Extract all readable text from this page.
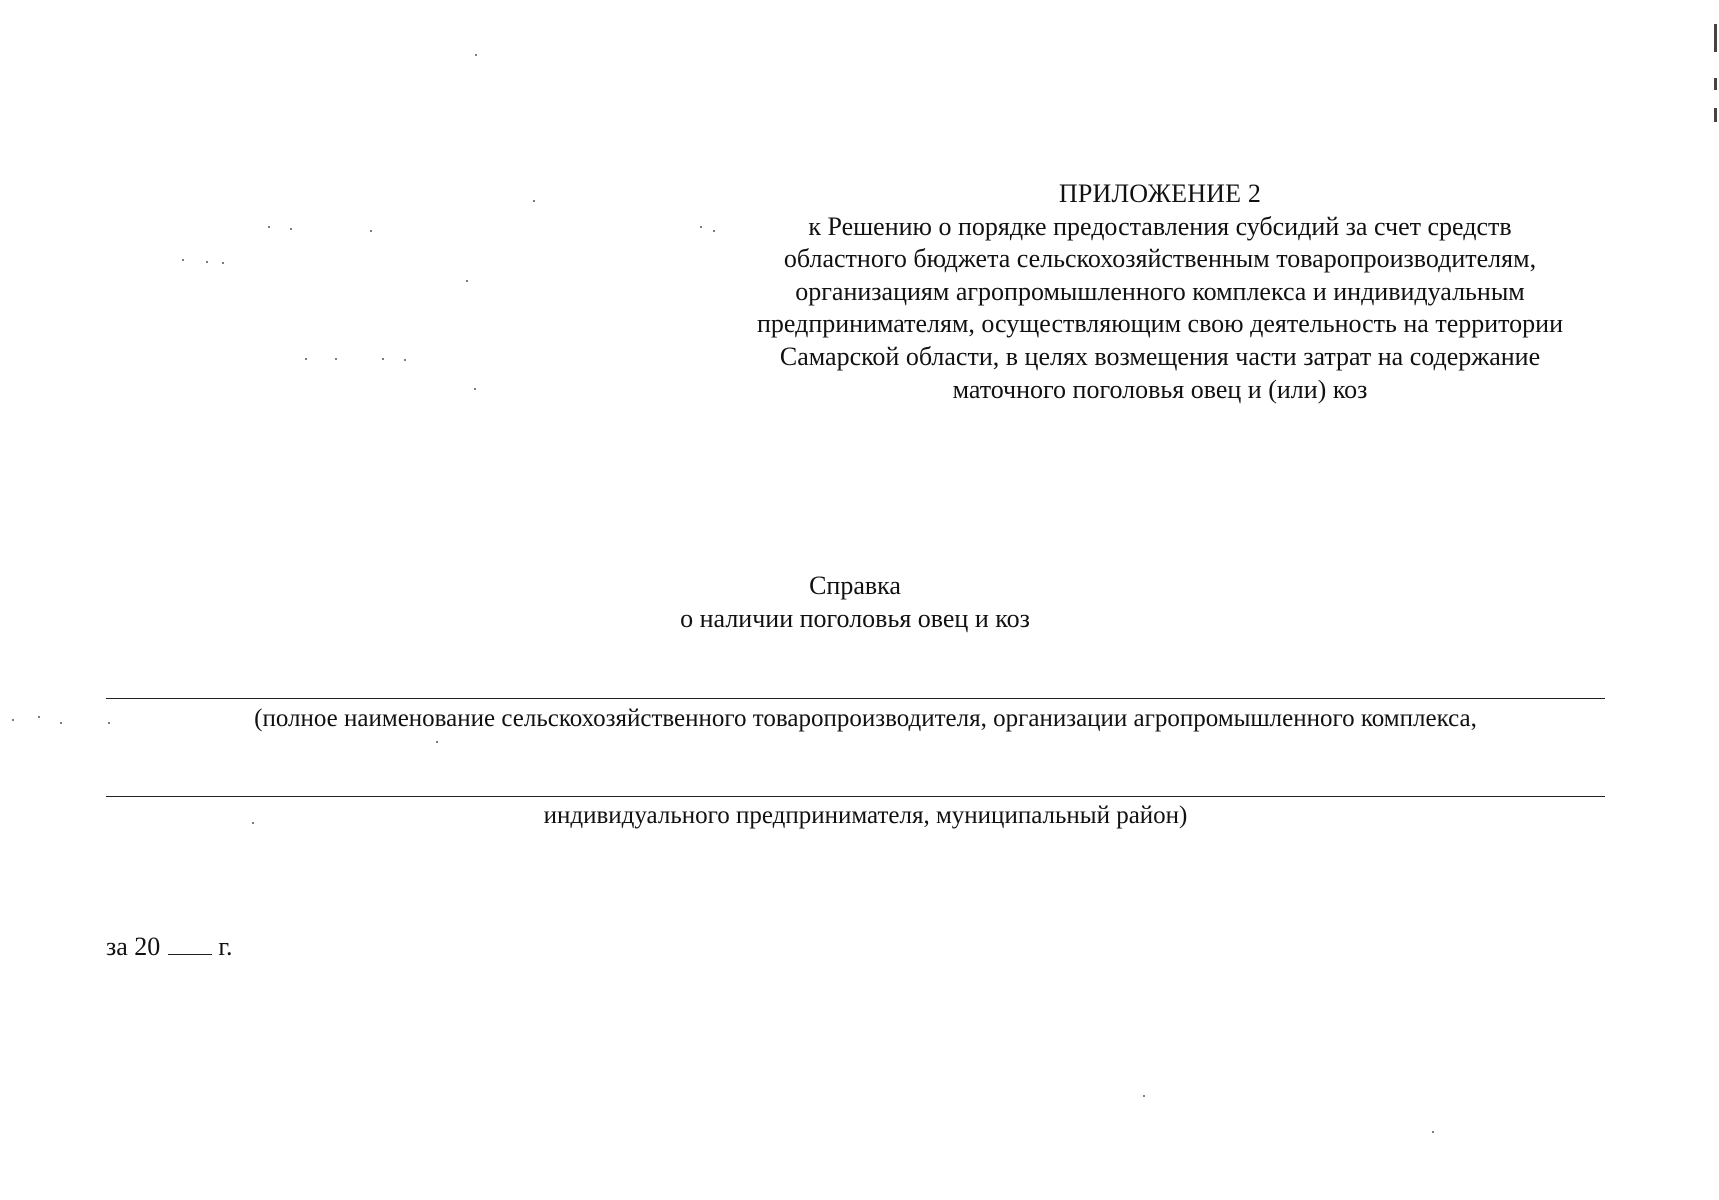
ПРИЛОЖЕНИЕ 2
к Решению о порядке предоставления субсидий за счет средств
областного бюджета сельскохозяйственным товаропроизводителям,
организациям агропромышленного комплекса и индивидуальным
предпринимателям, осуществляющим свою деятельность на территории
Самарской области, в целях возмещения части затрат на содержание
маточного поголовья овец и (или) коз
Справка
о наличии поголовья овец и коз
(полное наименование сельскохозяйственного товаропроизводителя, организации агропромышленного комплекса,
индивидуального предпринимателя, муниципальный район)
за 20 г.
